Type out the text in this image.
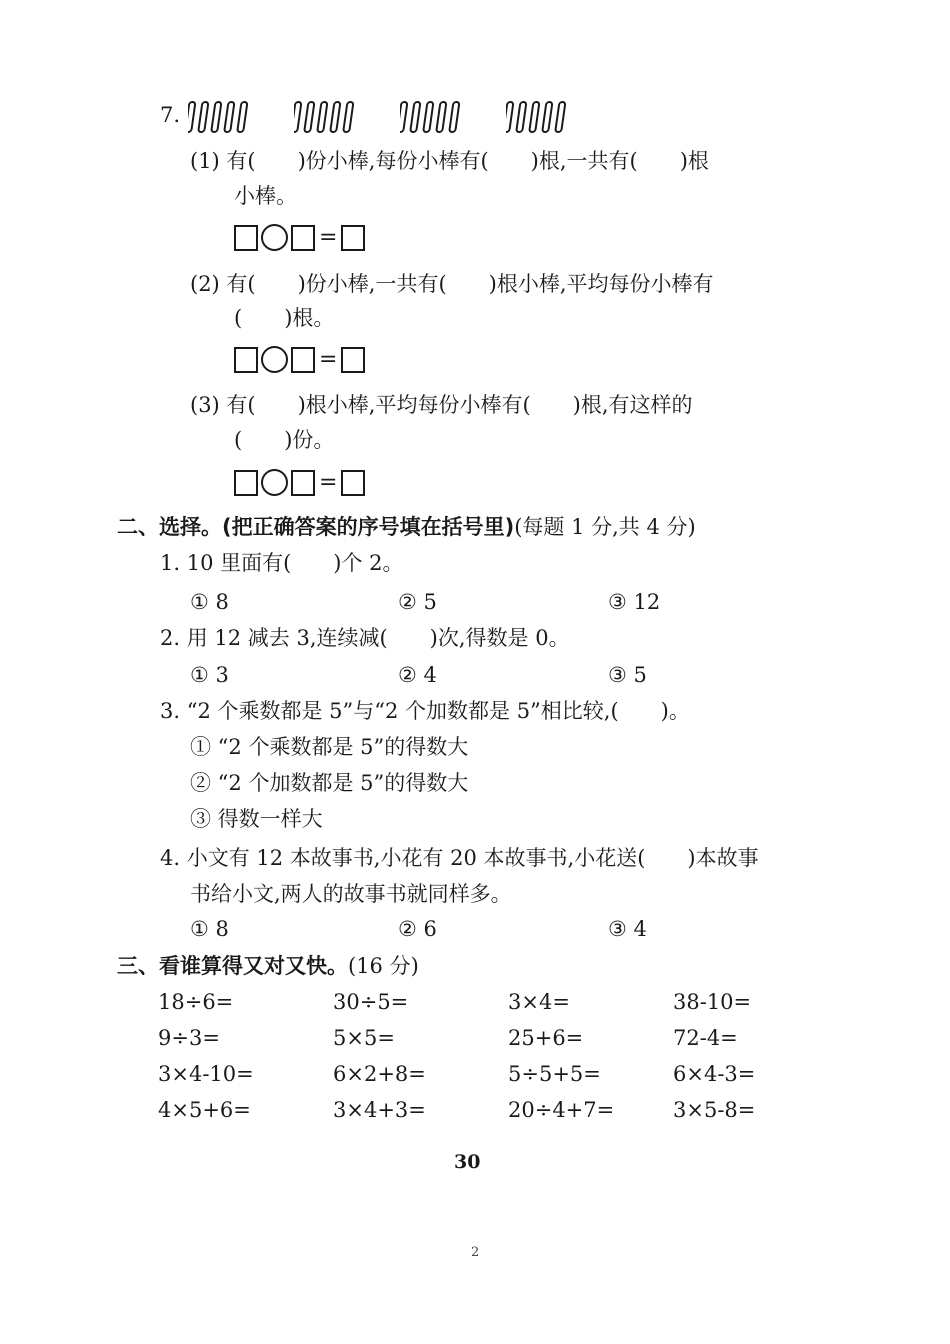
7.
(1) 有(　　)份小棒,每份小棒有(　　)根,一共有(　　)根
小棒。
=
(2) 有(　　)份小棒,一共有(　　)根小棒,平均每份小棒有
(　　)根。
=
(3) 有(　　)根小棒,平均每份小棒有(　　)根,有这样的
(　　)份。
=
二、选择。(把正确答案的序号填在括号里)(每题 1 分,共 4 分)
1. 10 里面有(　　)个 2。
① 8	② 5	③ 12
2. 用 12 减去 3,连续减(　　)次,得数是 0。
① 3	② 4	③ 5
3. “2 个乘数都是 5”与“2 个加数都是 5”相比较,(　　)。
① “2 个乘数都是 5”的得数大
② “2 个加数都是 5”的得数大
③ 得数一样大
4. 小文有 12 本故事书,小花有 20 本故事书,小花送(　　)本故事
书给小文,两人的故事书就同样多。
① 8	② 6	③ 4
三、看谁算得又对又快。(16 分)
18÷6=	30÷5=	3×4=	38-10=
9÷3=	5×5=	25+6=	72-4=
3×4-10=	6×2+8=	5÷5+5=	6×4-3=
4×5+6=	3×4+3=	20÷4+7=	3×5-8=
30
2
